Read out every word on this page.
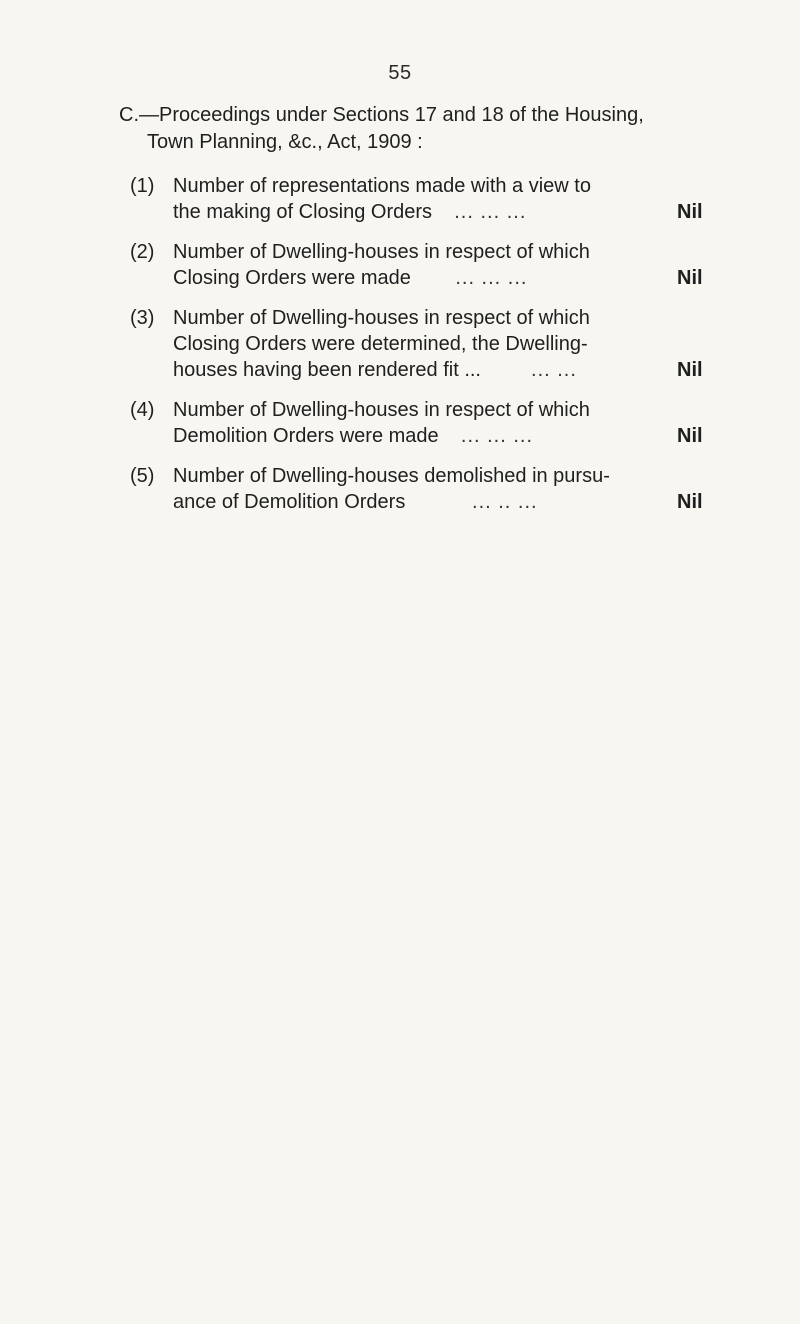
55
C.—Proceedings under Sections 17 and 18 of the Housing,
Town Planning, &c., Act, 1909 :
(1) Number of representations made with a view to
the making of Closing Orders ... ... ...	Nil
(2) Number of Dwelling-houses in respect of which
Closing Orders were made ... ... ...	Nil
(3) Number of Dwelling-houses in respect of which
Closing Orders were determined, the Dwelling-
houses having been rendered fit ...	... ...	Nil
(4) Number of Dwelling-houses in respect of which
Demolition Orders were made ... ... ...	Nil
(5) Number of Dwelling-houses demolished in pursu-
ance of Demolition Orders	... .. ...	Nil
